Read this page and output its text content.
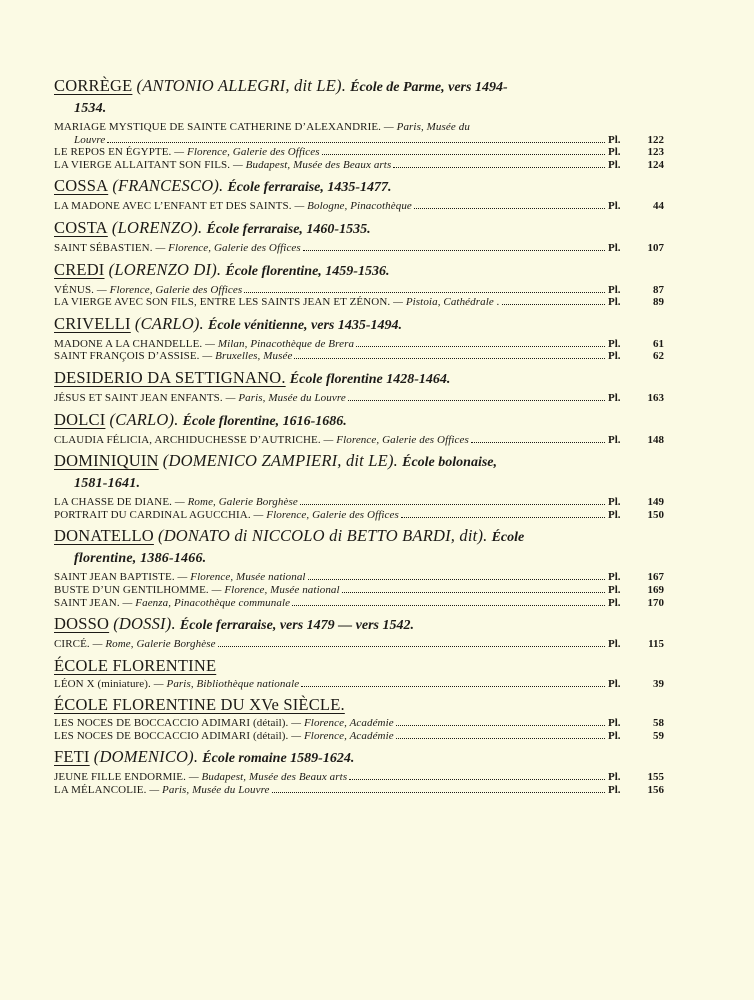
CORRÈGE (ANTONIO ALLEGRI, dit LE). École de Parme, vers 1494-
1534.
MARIAGE MYSTIQUE DE SAINTE CATHERINE D’ALEXANDRIE. — Paris, Musée du
Louvre	Pl. 122
LE REPOS EN ÉGYPTE. — Florence, Galerie des Offices	Pl. 123
LA VIERGE ALLAITANT SON FILS. — Budapest, Musée des Beaux arts	Pl. 124
COSSA (FRANCESCO). École ferraraise, 1435-1477.
LA MADONE AVEC L’ENFANT ET DES SAINTS. — Bologne, Pinacothèque	Pl.	44
COSTA (LORENZO). École ferraraise, 1460-1535.
SAINT SÉBASTIEN. — Florence, Galerie des Offices	Pl. 107
CREDI (LORENZO DI). École florentine, 1459-1536.
VÉNUS. — Florence, Galerie des Offices	Pl.	87
LA VIERGE AVEC SON FILS, ENTRE LES SAINTS JEAN ET ZÉNON. — Pistoia, Cathédrale .	Pl.	89
CRIVELLI (CARLO). École vénitienne, vers 1435-1494.
MADONE A LA CHANDELLE. — Milan, Pinacothèque de Brera	Pl.	61
SAINT FRANÇOIS D’ASSISE. — Bruxelles, Musée	Pl.	62
DESIDERIO DA SETTIGNANO. École florentine 1428-1464.
JÉSUS ET SAINT JEAN ENFANTS. — Paris, Musée du Louvre	Pl. 163
DOLCI (CARLO). École florentine, 1616-1686.
CLAUDIA FÉLICIA, ARCHIDUCHESSE D’AUTRICHE. — Florence, Galerie des Offices	Pl. 148
DOMINIQUIN (DOMENICO ZAMPIERI, dit LE). École bolonaise,
1581-1641.
LA CHASSE DE DIANE. — Rome, Galerie Borghèse	Pl. 149
PORTRAIT DU CARDINAL AGUCCHIA. — Florence, Galerie des Offices	Pl. 150
DONATELLO (DONATO di NICCOLO di BETTO BARDI, dit). École
florentine, 1386-1466.
SAINT JEAN BAPTISTE. — Florence, Musée national	Pl. 167
BUSTE D’UN GENTILHOMME. — Florence, Musée national	Pl. 169
SAINT JEAN. — Faenza, Pinacothèque communale	Pl. 170
DOSSO (DOSSI). École ferraraise, vers 1479 — vers 1542.
CIRCÉ. — Rome, Galerie Borghèse	Pl.	115
ÉCOLE FLORENTINE
LÉON X (miniature). — Paris, Bibliothèque nationale	Pl.	39
ÉCOLE FLORENTINE DU XVe SIÈCLE.
LES NOCES DE BOCCACCIO ADIMARI (détail). — Florence, Académie	Pl.	58
LES NOCES DE BOCCACCIO ADIMARI (détail). — Florence, Académie	Pl.	59
FETI (DOMENICO). École romaine 1589-1624.
JEUNE FILLE ENDORMIE. — Budapest, Musée des Beaux arts	Pl. 155
LA MÉLANCOLIE. — Paris, Musée du Louvre	Pl. 156
